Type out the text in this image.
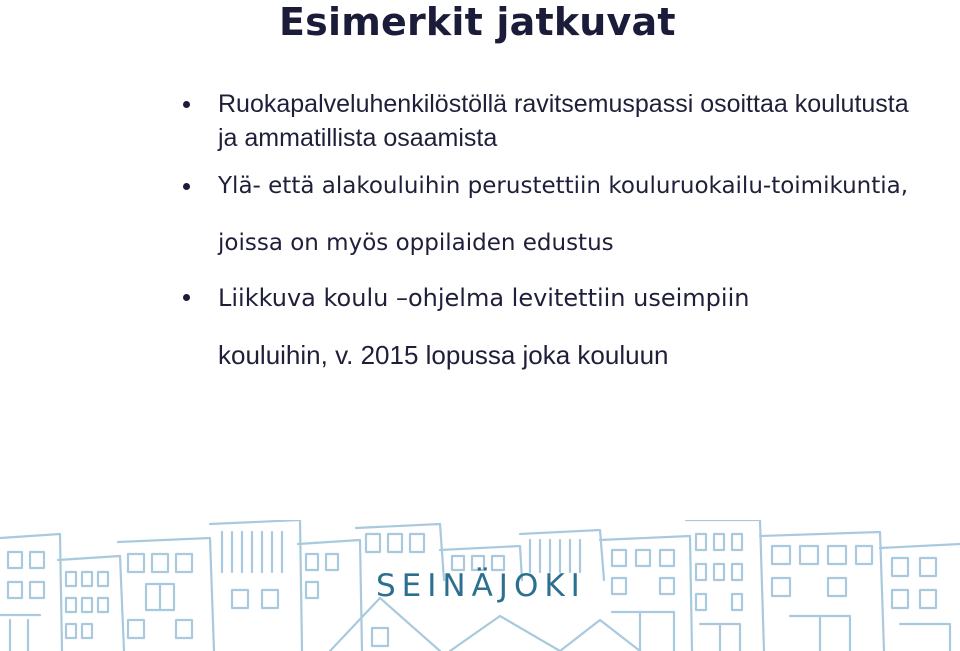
Esimerkit jatkuvat
Ruokapalveluhenkilöstöllä ravitsemuspassi osoittaa koulutusta ja ammatillista osaamista
Ylä- että alakouluihin perustettiin kouluruokailu-toimikuntia, joissa on myös oppilaiden edustus
Liikkuva koulu –ohjelma levitettiin useimpiin
kouluihin, v. 2015 lopussa joka kouluun
SEINÄJOKI
